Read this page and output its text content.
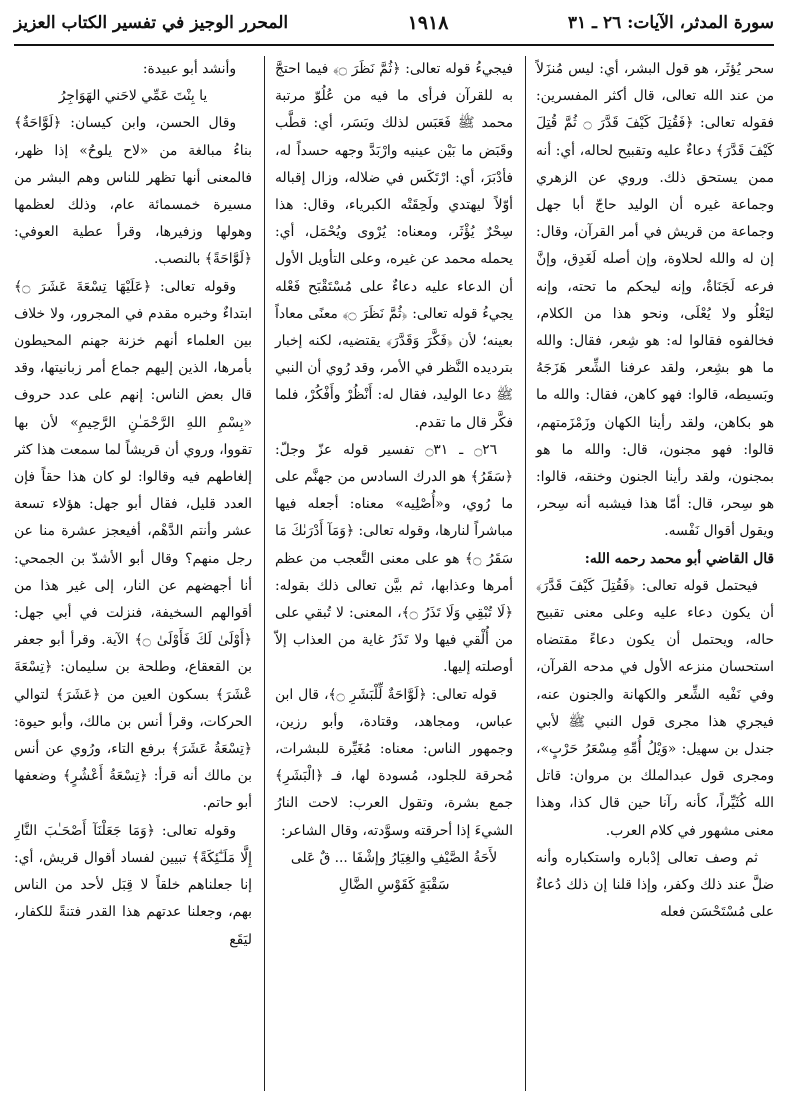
سورة المدثر، الآيات: ٢٦ ـ ٣١
١٩١٨
المحرر الوجيز في تفسير الكتاب العزيز

سحر يُؤثَر، هو قول البشر، أي: ليس مُنزَلاً من عند الله تعالى، قال أكثر المفسرين: فقوله تعالى: ﴿فَقُتِلَ كَيْفَ قَدَّرَ ۝ ثُمَّ قُتِلَ كَيْفَ قَدَّرَ﴾ دعاءٌ عليه وتقبيح لحاله، أي: أنه ممن يستحق ذلك. وروي عن الزهري وجماعة غيره أن الوليد حاجّ أبا جهل وجماعة من قريش في أمر القرآن، وقال: إن له والله لحلاوة، وإن أصله لَغَدِق، وإنَّ فرعه لَجَنَاةٌ، وإنه ليحكم ما تحته، وإنه ليَعْلُو ولا يُعْلَى، ونحو هذا من الكلام، فخالفوه فقالوا له: هو شِعر، فقال: والله ما هو بشِعر، ولقد عرفنا الشِّعر هَزَجَهُ وبَسيطه، قالوا: فهو كاهن، فقال: والله ما هو بكاهن، ولقد رأينا الكهان وزَمْزَمتهم، قالوا: فهو مجنون، قال: والله ما هو بمجنون، ولقد رأينا الجنون وخنقه، قالوا: هو سِحر، قال: أمّا هذا فيشبه أنه سِحر، ويقول أقوال نَفْسه.

قال القاضي أبو محمد رحمه الله:

فيحتمل قوله تعالى: ﴿فَقُتِلَ كَيْفَ قَدَّرَ﴾ أن يكون دعاء عليه وعلى معنى تقبيح حاله، ويحتمل أن يكون دعاءً مقتضاه استحسان منزعه الأول في مدحه القرآن، وفي نَفْيه الشِّعر والكهانة والجنون عنه، فيجري هذا مجرى قول النبي ﷺ لأبي جندل بن سهيل: «وَيْلُ أُمِّهِ مِسْعَرُ حَرْبٍ»، ومجرى قول عبدالملك بن مروان: قاتل الله كُثَيِّراً، كأنه رآنا حين قال كذا، وهذا معنى مشهور في كلام العرب.

ثم وصف تعالى إدْباره واستكباره وأنه ضلَّ عند ذلك وكفر، وإذا قلنا إن ذلك دُعاءٌ على مُسْتَحْسَن فعله

فيجيءُ قوله تعالى: ﴿ثُمَّ نَظَرَ ۝﴾ فيما احتجَّ به للقرآن فرأى ما فيه من عُلُوّ مرتبة محمد ﷺ فَعَبَس لذلك وبَسَر، أي: قطَّب وقَبَض ما بَيْن عينيه وارْبَدَّ وجهه حسداً له، فأدْبَرَ، أي: ارْتَكَس في ضلاله، وزال إقباله أوّلاً ليهتدي ولَحِقَتْه الكبرياء، وقال: هذا سِحْرٌ يُؤْثَر، ومعناه: يُرْوى ويُحْمَل، أي: يحمله محمد عن غيره، وعلى التأويل الأول أن الدعاء عليه دعاءٌ على مُسْتَقْبَح فَعْله يجيءُ قوله تعالى: ﴿ثُمَّ نَظَرَ ۝﴾ معنًى معاداً بعينه؛ لأن ﴿فَكَّرَ وَقَدَّرَ﴾ يقتضيه، لكنه إخبار بترديده النَّظر في الأمر، وقد رُوي أن النبي ﷺ دعا الوليد، فقال له: أَنْظُرْ وأَفْكُرْ، فلما فكَّر قال ما تقدم.

۝٢٦ ـ ۝٣١ تفسير قوله عزّ وجلّ: ﴿سَقَرُ﴾ هو الدرك السادس من جهنَّم على ما رُوي، و«أُصْلِيه» معناه: أجعله فيها مباشراً لنارها، وقوله تعالى: ﴿وَمَآ أَدْرَىٰكَ مَا سَقَرُ ۝﴾ هو على معنى التَّعجب من عظم أمرها وعذابها، ثم بيَّن تعالى ذلك بقوله: ﴿لَا تُبْقِي وَلَا تَذَرُ ۝﴾، المعنى: لا تُبقي على من أُلْقي فيها ولا تَذَرُ غاية من العذاب إلاّ أوصلته إليها.

قوله تعالى: ﴿لَوَّاحَةٌ لِّلْبَشَرِ ۝﴾، قال ابن عباس، ومجاهد، وقتادة، وأبو رزين، وجمهور الناس: معناه: مُغَيِّرة للبشرات، مُحرقة للجلود، مُسودة لها، فـ ﴿الْبَشَرِ﴾ جمع بشرة، وتقول العرب: لاحت النارُ الشيءَ إذا أحرقته وسوَّدته، وقال الشاعر:

لأَحَةُ الصَّيْفِ والغِيَارُ وإشْفَا ... قٌ عَلى سَقْبَةٍ كَقَوْسِ الضَّالِ

وأنشد أبو عبيدة:

يا بِنْتَ عَمِّي لاحَني الهَوَاجِرُ

وقال الحسن، وابن كيسان: ﴿لَوَّاحَةٌ﴾ بناءُ مبالغة من «لاح يلوحُ» إذا ظهر، فالمعنى أنها تظهر للناس وهم البشر من مسيرة خمسمائة عام، وذلك لعظمها وهولها وزفيرها، وقرأ عطية العوفي: ﴿لَوَّاحَةً﴾ بالنصب.

وقوله تعالى: ﴿عَلَيْهَا تِسْعَةَ عَشَرَ ۝﴾ ابتداءٌ وخبره مقدم في المجرور، ولا خلاف بين العلماء أنهم خزنة جهنم المحيطون بأمرها، الذين إليهم جماع أمر زبانيتها، وقد قال بعض الناس: إنهم على عدد حروف «بِسْمِ اللهِ الرَّحْمَـٰنِ الرَّحِيمِ» لأن بها تقووا، وروي أن قريشاً لما سمعت هذا كثر إلغاطهم فيه وقالوا: لو كان هذا حقاً فإن العدد قليل، فقال أبو جهل: هؤلاء تسعة عشر وأنتم الدَّهْم، أفيعجز عشرة منا عن رجل منهم؟ وقال أبو الأشدّ بن الجمحي: أنا أجهضهم عن النار، إلى غير هذا من أقوالهم السخيفة، فنزلت في أبي جهل: ﴿أَوْلَىٰ لَكَ فَأَوْلَىٰ ۝﴾ الآية. وقرأ أبو جعفر بن القعقاع، وطلحة بن سليمان: ﴿تِسْعَةَ عْشَرَ﴾ بسكون العين من ﴿عَشَرَ﴾ لتوالي الحركات، وقرأ أنس بن مالك، وأبو حيوة: ﴿تِسْعَةُ عَشَرَ﴾ برفع التاء، ورُوي عن أنس بن مالك أنه قرأ: ﴿تِسْعَةُ أَعْشُرٍ﴾ وضعفها أبو حاتم.

وقوله تعالى: ﴿وَمَا جَعَلْنَآ أَصْحَـٰبَ النَّارِ إِلَّا مَلَـٰٓئِكَةً﴾ تبيين لفساد أقوال قريش، أي: إنا جعلناهم خلقاً لا قِبَل لأحد من الناس بهم، وجعلنا عدتهم هذا القدر فتنةً للكفار، ليَقَع
